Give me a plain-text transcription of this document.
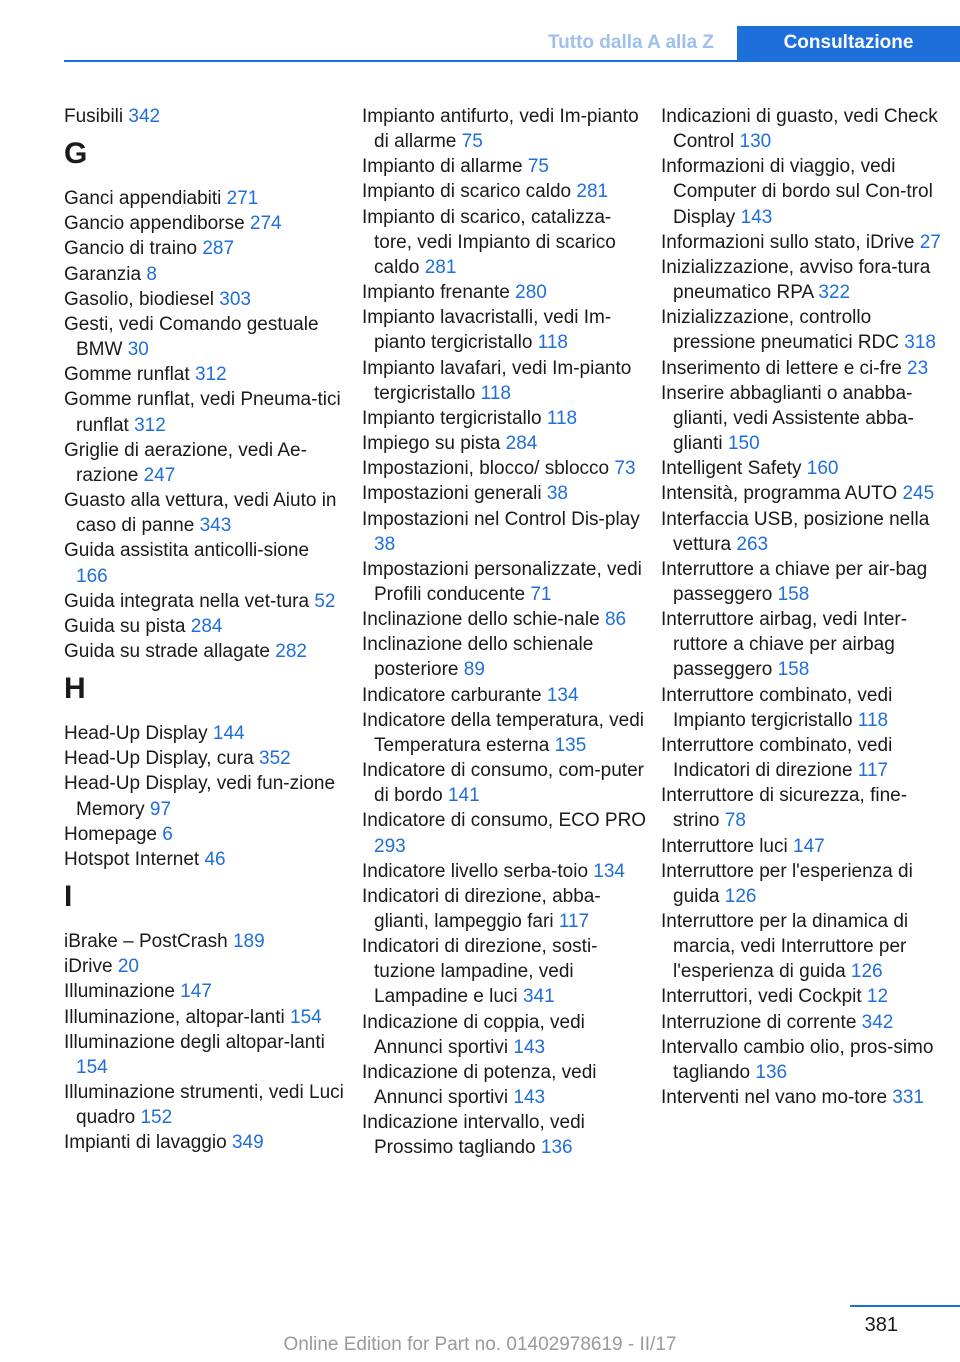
Tutto dalla A alla Z	Consultazione
Fusibili 342
G
Ganci appendiabiti 271
Gancio appendiborse 274
Gancio di traino 287
Garanzia 8
Gasolio, biodiesel 303
Gesti, vedi Comando gestuale BMW 30
Gomme runflat 312
Gomme runflat, vedi Pneuma‐tici runflat 312
Griglie di aerazione, vedi Ae‐razione 247
Guasto alla vettura, vedi Aiuto in caso di panne 343
Guida assistita anticolli‐sione 166
Guida integrata nella vet‐tura 52
Guida su pista 284
Guida su strade allagate 282
H
Head-Up Display 144
Head-Up Display, cura 352
Head-Up Display, vedi fun‐zione Memory 97
Homepage 6
Hotspot Internet 46
I
iBrake – PostCrash 189
iDrive 20
Illuminazione 147
Illuminazione, altopar‐lanti 154
Illuminazione degli altopar‐lanti 154
Illuminazione strumenti, vedi Luci quadro 152
Impianti di lavaggio 349
Impianto antifurto, vedi Im‐pianto di allarme 75
Impianto di allarme 75
Impianto di scarico caldo 281
Impianto di scarico, catalizza‐tore, vedi Impianto di scarico caldo 281
Impianto frenante 280
Impianto lavacristalli, vedi Im‐pianto tergicristallo 118
Impianto lavafari, vedi Im‐pianto tergicristallo 118
Impianto tergicristallo 118
Impiego su pista 284
Impostazioni, blocco/ sblocco 73
Impostazioni generali 38
Impostazioni nel Control Dis‐play 38
Impostazioni personalizzate, vedi Profili conducente 71
Inclinazione dello schie‐nale 86
Inclinazione dello schienale posteriore 89
Indicatore carburante 134
Indicatore della temperatura, vedi Temperatura esterna 135
Indicatore di consumo, com‐puter di bordo 141
Indicatore di consumo, ECO PRO 293
Indicatore livello serba‐toio 134
Indicatori di direzione, abba‐glianti, lampeggio fari 117
Indicatori di direzione, sosti‐tuzione lampadine, vedi Lampadine e luci 341
Indicazione di coppia, vedi Annunci sportivi 143
Indicazione di potenza, vedi Annunci sportivi 143
Indicazione intervallo, vedi Prossimo tagliando 136
Indicazioni di guasto, vedi Check Control 130
Informazioni di viaggio, vedi Computer di bordo sul Con‐trol Display 143
Informazioni sullo stato, iDrive 27
Inizializzazione, avviso fora‐tura pneumatico RPA 322
Inizializzazione, controllo pressione pneumatici RDC 318
Inserimento di lettere e ci‐fre 23
Inserire abbaglianti o anabba‐glianti, vedi Assistente abba‐glianti 150
Intelligent Safety 160
Intensità, programma AUTO 245
Interfaccia USB, posizione nella vettura 263
Interruttore a chiave per air‐bag passeggero 158
Interruttore airbag, vedi Inter‐ruttore a chiave per airbag passeggero 158
Interruttore combinato, vedi Impianto tergicristallo 118
Interruttore combinato, vedi Indicatori di direzione 117
Interruttore di sicurezza, fine‐strino 78
Interruttore luci 147
Interruttore per l'esperienza di guida 126
Interruttore per la dinamica di marcia, vedi Interruttore per l'esperienza di guida 126
Interruttori, vedi Cockpit 12
Interruzione di corrente 342
Intervallo cambio olio, pros‐simo tagliando 136
Interventi nel vano mo‐tore 331
381
Online Edition for Part no. 01402978619 - II/17
